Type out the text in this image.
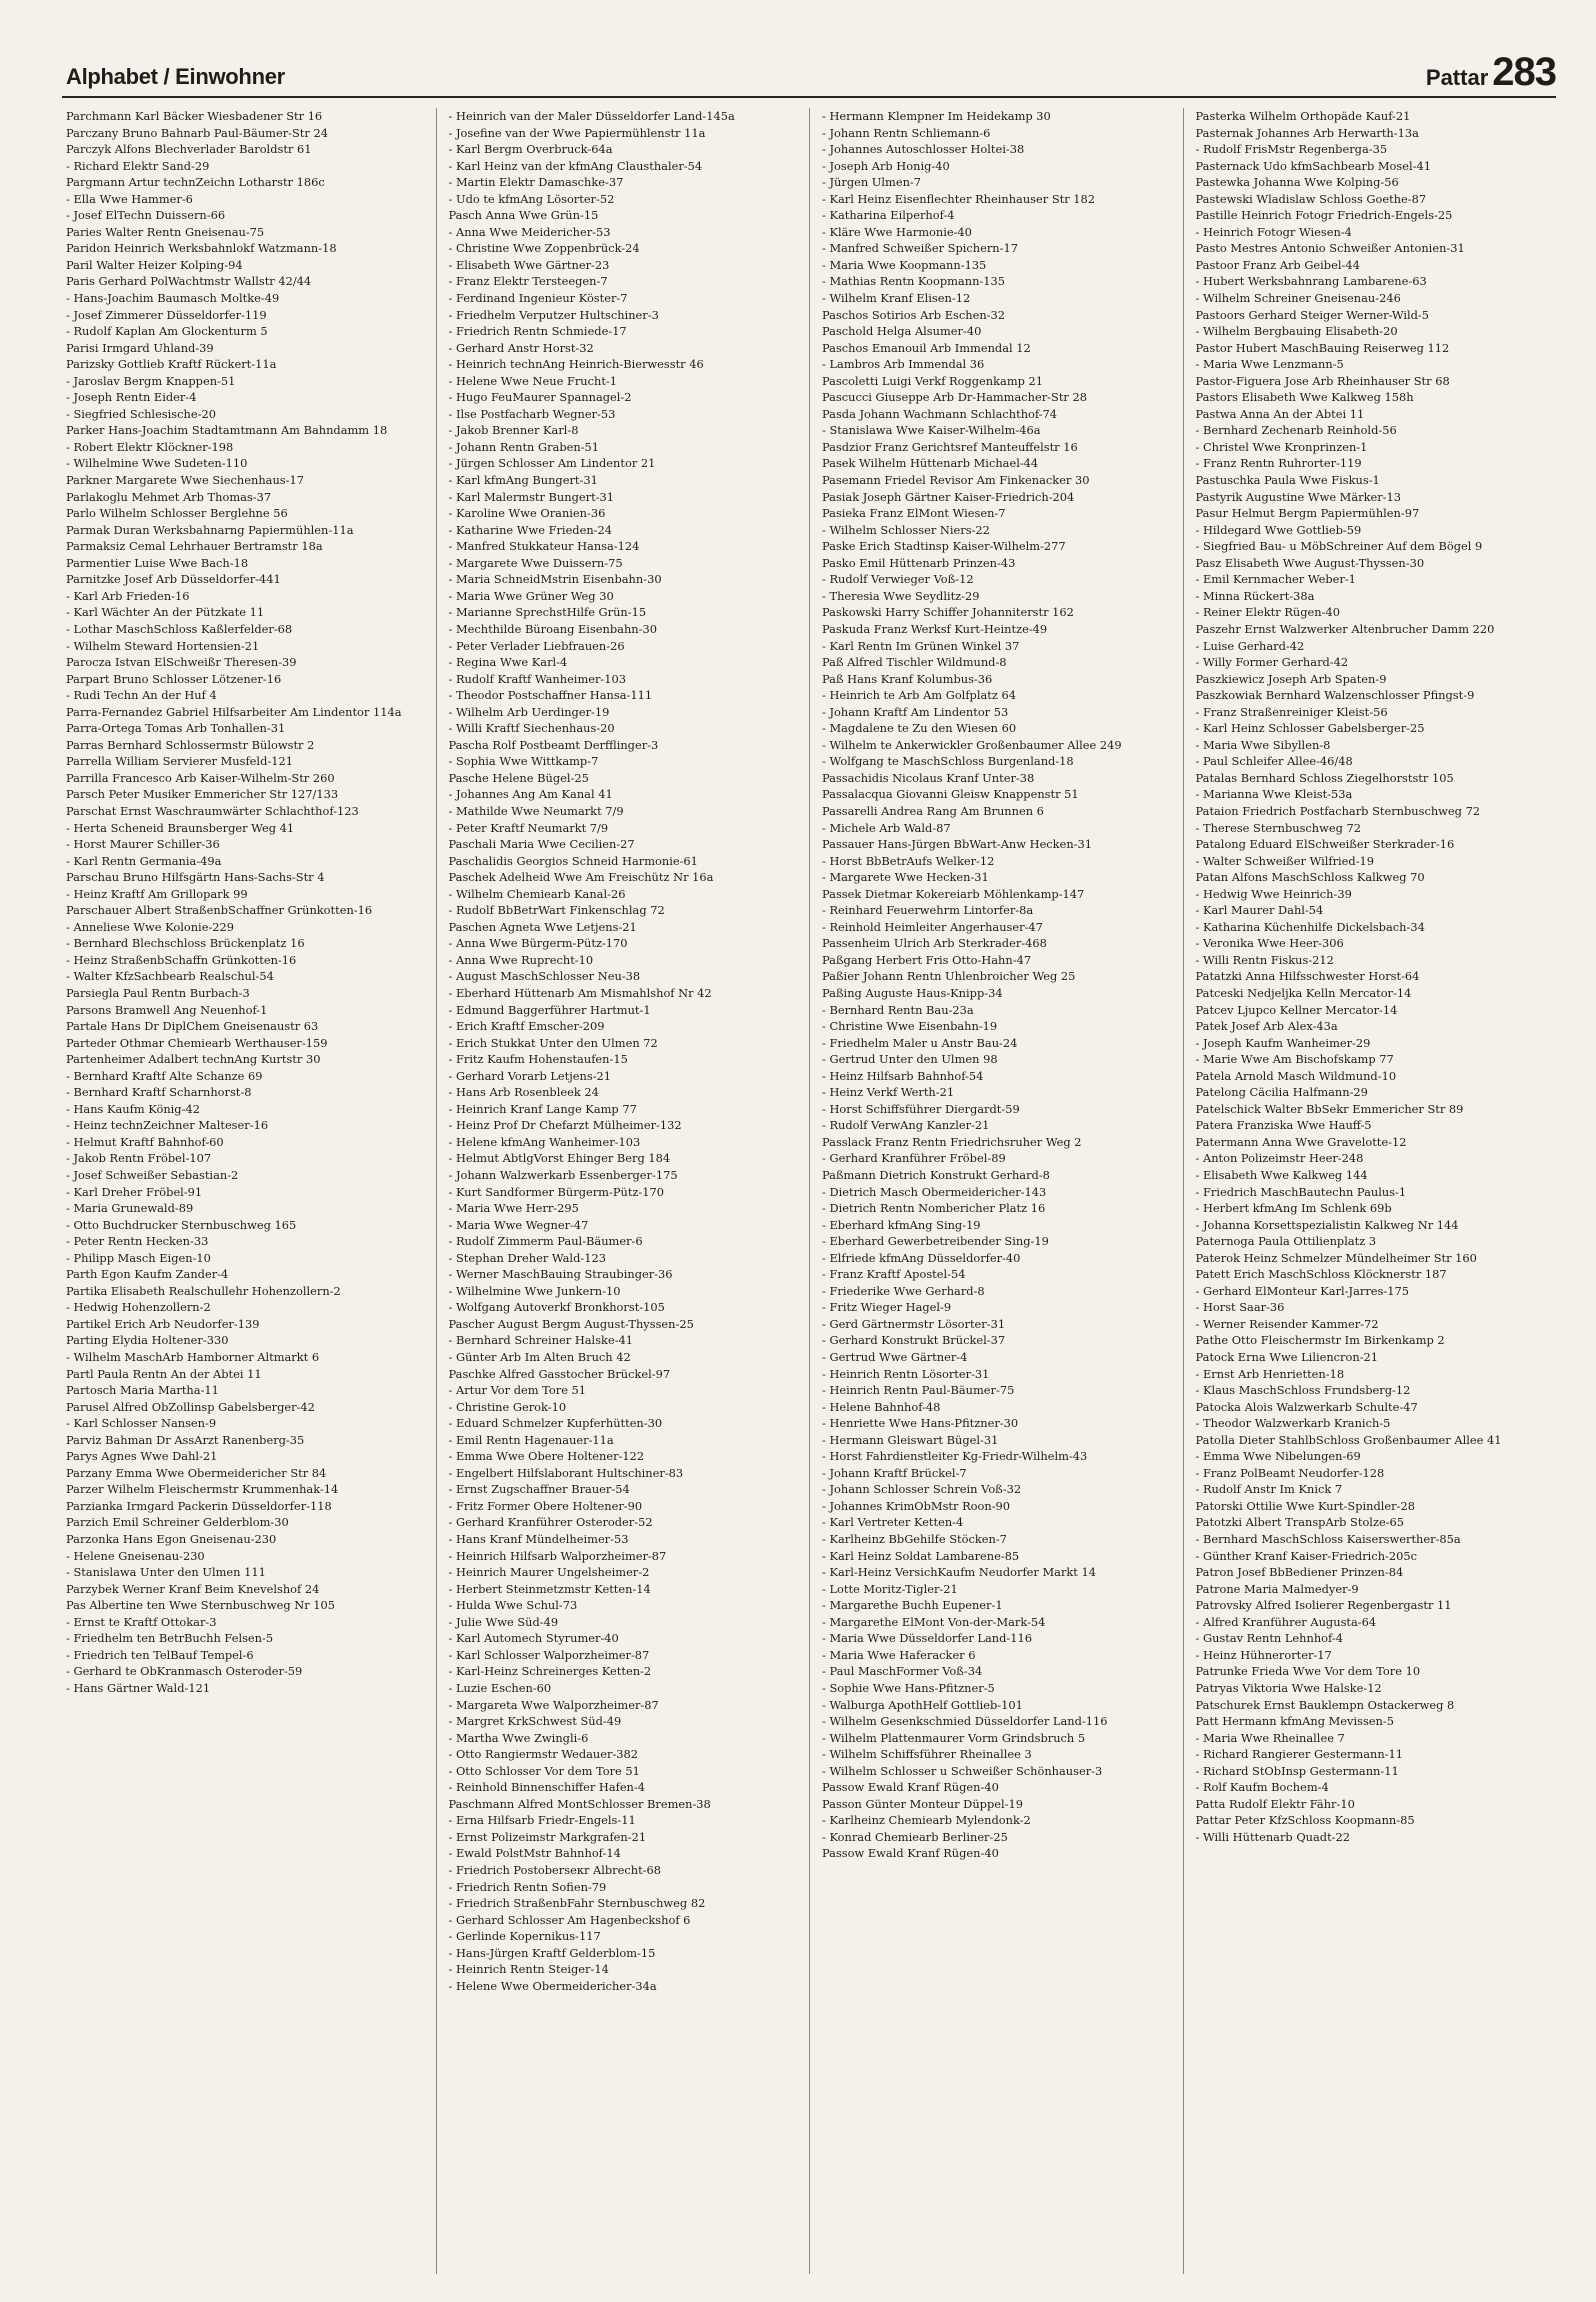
Alphabet / Einwohner	Pattar 283

Parchmann Karl Bäcker Wiesbadener Str 16

Parczany Bruno Bahnarb Paul-Bäumer-Str 24

Parczyk Alfons Blechverlader Baroldstr 61

- Richard Elektr Sand-29

Pargmann Artur technZeichn Lotharstr 186c

- Ella Wwe Hammer-6

- Josef ElTechn Duissern-66

Paries Walter Rentn Gneisenau-75

Paridon Heinrich Werksbahnlokf Watzmann-18

Paril Walter Heizer Kolping-94

Paris Gerhard PolWachtmstr Wallstr 42/44

- Hans-Joachim Baumasch Moltke-49

- Josef Zimmerer Düsseldorfer-119

- Rudolf Kaplan Am Glockenturm 5

Parisi Irmgard Uhland-39

Parizsky Gottlieb Kraftf Rückert-11a

- Jaroslav Bergm Knappen-51

- Joseph Rentn Eider-4

- Siegfried Schlesische-20

Parker Hans-Joachim Stadtamtmann Am Bahndamm 18

- Robert Elektr Klöckner-198

- Wilhelmine Wwe Sudeten-110

Parkner Margarete Wwe Siechenhaus-17

Parlakoglu Mehmet Arb Thomas-37

Parlo Wilhelm Schlosser Berglehne 56

Parmak Duran Werksbahnarng Papiermühlen-11a

Parmaksiz Cemal Lehrhauer Bertramstr 18a

Parmentier Luise Wwe Bach-18

Parnitzke Josef Arb Düsseldorfer-441

- Karl Arb Frieden-16

- Karl Wächter An der Pützkate 11

- Lothar MaschSchloss Kaßlerfelder-68

- Wilhelm Steward Hortensien-21

Parocza Istvan ElSchweißr Theresen-39

Parpart Bruno Schlosser Lötzener-16

- Rudi Techn An der Huf 4

Parra-Fernandez Gabriel Hilfsarbeiter Am Lindentor 114a

Parra-Ortega Tomas Arb Tonhallen-31

Parras Bernhard Schlossermstr Bülowstr 2

Parrella William Servierer Musfeld-121

Parrilla Francesco Arb Kaiser-Wilhelm-Str 260

Parsch Peter Musiker Emmericher Str 127/133

Parschat Ernst Waschraumwärter Schlachthof-123

- Herta Scheneid Braunsberger Weg 41

- Horst Maurer Schiller-36

- Karl Rentn Germania-49a

Parschau Bruno Hilfsgärtn Hans-Sachs-Str 4

- Heinz Kraftf Am Grillopark 99

Parschauer Albert StraßenbSchaffner Grünkotten-16

- Anneliese Wwe Kolonie-229

- Bernhard Blechschloss Brückenplatz 16

- Heinz StraßenbSchaffn Grünkotten-16

- Walter KfzSachbearb Realschul-54

Parsiegla Paul Rentn Burbach-3

Parsons Bramwell Ang Neuenhof-1

Partale Hans Dr DiplChem Gneisenaustr 63

Parteder Othmar Chemiearb Werthauser-159

Partenheimer Adalbert technAng Kurtstr 30

- Bernhard Kraftf Alte Schanze 69

- Bernhard Kraftf Scharnhorst-8

- Hans Kaufm König-42

- Heinz technZeichner Malteser-16

- Helmut Kraftf Bahnhof-60

- Jakob Rentn Fröbel-107

- Josef Schweißer Sebastian-2

- Karl Dreher Fröbel-91

- Maria Grunewald-89

- Otto Buchdrucker Sternbuschweg 165

- Peter Rentn Hecken-33

- Philipp Masch Eigen-10

Parth Egon Kaufm Zander-4

Partika Elisabeth Realschullehr Hohenzollern-2

- Hedwig Hohenzollern-2

Partikel Erich Arb Neudorfer-139

Parting Elydia Holtener-330

- Wilhelm MaschArb Hamborner Altmarkt 6

Partl Paula Rentn An der Abtei 11

Partosch Maria Martha-11

Parusel Alfred ObZollinsp Gabelsberger-42

- Karl Schlosser Nansen-9

Parviz Bahman Dr AssArzt Ranenberg-35

Parys Agnes Wwe Dahl-21

Parzany Emma Wwe Obermeidericher Str 84

Parzer Wilhelm Fleischermstr Krummenhak-14

Parzianka Irmgard Packerin Düsseldorfer-118

Parzich Emil Schreiner Gelderblom-30

Parzonka Hans Egon Gneisenau-230

- Helene Gneisenau-230

- Stanislawa Unter den Ulmen 111

Parzybek Werner Kranf Beim Knevelshof 24

Pas Albertine ten Wwe Sternbuschweg Nr 105

- Ernst te Kraftf Ottokar-3

- Friedhelm ten BetrBuchh Felsen-5

- Friedrich ten TelBauf Tempel-6

- Gerhard te ObKranmasch Osteroder-59

- Hans Gärtner Wald-121

- Heinrich van der Maler Düsseldorfer Land-145a

- Josefine van der Wwe Papiermühlenstr 11a

- Karl Bergm Overbruck-64a

- Karl Heinz van der kfmAng Clausthaler-54

- Martin Elektr Damaschke-37

- Udo te kfmAng Lösorter-52

Pasch Anna Wwe Grün-15

- Anna Wwe Meidericher-53

- Christine Wwe Zoppenbrück-24

- Elisabeth Wwe Gärtner-23

- Franz Elektr Tersteegen-7

- Ferdinand Ingenieur Köster-7

- Friedhelm Verputzer Hultschiner-3

- Friedrich Rentn Schmiede-17

- Gerhard Anstr Horst-32

- Heinrich technAng Heinrich-Bierwesstr 46

- Helene Wwe Neue Frucht-1

- Hugo FeuMaurer Spannagel-2

- Ilse Postfacharb Wegner-53

- Jakob Brenner Karl-8

- Johann Rentn Graben-51

- Jürgen Schlosser Am Lindentor 21

- Karl kfmAng Bungert-31

- Karl Malermstr Bungert-31

- Karoline Wwe Oranien-36

- Katharine Wwe Frieden-24

- Manfred Stukkateur Hansa-124

- Margarete Wwe Duissern-75

- Maria SchneidMstrin Eisenbahn-30

- Maria Wwe Grüner Weg 30

- Marianne SprechstHilfe Grün-15

- Mechthilde Büroang Eisenbahn-30

- Peter Verlader Liebfrauen-26

- Regina Wwe Karl-4

- Rudolf Kraftf Wanheimer-103

- Theodor Postschaffner Hansa-111

- Wilhelm Arb Uerdinger-19

- Willi Kraftf Siechenhaus-20

Pascha Rolf Postbeamt Derfflinger-3

- Sophia Wwe Wittkamp-7

Pasche Helene Bügel-25

- Johannes Ang Am Kanal 41

- Mathilde Wwe Neumarkt 7/9

- Peter Kraftf Neumarkt 7/9

Paschali Maria Wwe Cecilien-27

Paschalidis Georgios Schneid Harmonie-61

Paschek Adelheid Wwe Am Freischütz Nr 16a

- Wilhelm Chemiearb Kanal-26

- Rudolf BbBetrWart Finkenschlag 72

Paschen Agneta Wwe Letjens-21

- Anna Wwe Bürgerm-Pütz-170

- Anna Wwe Ruprecht-10

- August MaschSchlosser Neu-38

- Eberhard Hüttenarb Am Mismahlshof Nr 42

- Edmund Baggerführer Hartmut-1

- Erich Kraftf Emscher-209

- Erich Stukkat Unter den Ulmen 72

- Fritz Kaufm Hohenstaufen-15

- Gerhard Vorarb Letjens-21

- Hans Arb Rosenbleek 24

- Heinrich Kranf Lange Kamp 77

- Heinz Prof Dr Chefarzt Mülheimer-132

- Helene kfmAng Wanheimer-103

- Helmut AbtlgVorst Ehinger Berg 184

- Johann Walzwerkarb Essenberger-175

- Kurt Sandformer Bürgerm-Pütz-170

- Maria Wwe Herr-295

- Maria Wwe Wegner-47

- Rudolf Zimmerm Paul-Bäumer-6

- Stephan Dreher Wald-123

- Werner MaschBauing Straubinger-36

- Wilhelmine Wwe Junkern-10

- Wolfgang Autoverkf Bronkhorst-105

Pascher August Bergm August-Thyssen-25

- Bernhard Schreiner Halske-41

- Günter Arb Im Alten Bruch 42

Paschke Alfred Gasstocher Brückel-97

- Artur Vor dem Tore 51

- Christine Gerok-10

- Eduard Schmelzer Kupferhütten-30

- Emil Rentn Hagenauer-11a

- Emma Wwe Obere Holtener-122

- Engelbert Hilfslaborant Hultschiner-83

- Ernst Zugschaffner Brauer-54

- Fritz Former Obere Holtener-90

- Gerhard Kranführer Osteroder-52

- Hans Kranf Mündelheimer-53

- Heinrich Hilfsarb Walporzheimer-87

- Heinrich Maurer Ungelsheimer-2

- Herbert Steinmetzmstr Ketten-14

- Hulda Wwe Schul-73

- Julie Wwe Süd-49

- Karl Automech Styrumer-40

- Karl Schlosser Walporzheimer-87

- Karl-Heinz Schreinerges Ketten-2

- Luzie Eschen-60

- Margareta Wwe Walporzheimer-87

- Margret KrkSchwest Süd-49

- Martha Wwe Zwingli-6

- Otto Rangiermstr Wedauer-382

- Otto Schlosser Vor dem Tore 51

- Reinhold Binnenschiffer Hafen-4

Paschmann Alfred MontSchlosser Bremen-38

- Erna Hilfsarb Friedr-Engels-11

- Ernst Polizeimstr Markgrafen-21

- Ewald PolstMstr Bahnhof-14

- Friedrich Postoberseкr Albrecht-68

- Friedrich Rentn Sofien-79

- Friedrich StraßenbFahr Sternbuschweg 82

- Gerhard Schlosser Am Hagenbeckshof 6

- Gerlinde Kopernikus-117

- Hans-Jürgen Kraftf Gelderblom-15

- Heinrich Rentn Steiger-14

- Helene Wwe Obermeidericher-34a

- Hermann Klempner Im Heidekamp 30

- Johann Rentn Schliemann-6

- Johannes Autoschlosser Holtei-38

- Joseph Arb Honig-40

- Jürgen Ulmen-7

- Karl Heinz Eisenflechter Rheinhauser Str 182

- Katharina Eilperhof-4

- Kläre Wwe Harmonie-40

- Manfred Schweißer Spichern-17

- Maria Wwe Koopmann-135

- Mathias Rentn Koopmann-135

- Wilhelm Kranf Elisen-12

Paschos Sotirios Arb Eschen-32

Paschold Helga Alsumer-40

Paschos Emanouil Arb Immendal 12

- Lambros Arb Immendal 36

Pascoletti Luigi Verkf Roggenkamp 21

Pascucci Giuseppe Arb Dr-Hammacher-Str 28

Pasda Johann Wachmann Schlachthof-74

- Stanislawa Wwe Kaiser-Wilhelm-46a

Pasdzior Franz Gerichtsref Manteuffelstr 16

Pasek Wilhelm Hüttenarb Michael-44

Pasemann Friedel Revisor Am Finkenacker 30

Pasiak Joseph Gärtner Kaiser-Friedrich-204

Pasieka Franz ElMont Wiesen-7

- Wilhelm Schlosser Niers-22

Paske Erich Stadtinsp Kaiser-Wilhelm-277

Pasko Emil Hüttenarb Prinzen-43

- Rudolf Verwieger Voß-12

- Theresia Wwe Seydlitz-29

Paskowski Harry Schiffer Johanniterstr 162

Paskuda Franz Werksf Kurt-Heintze-49

- Karl Rentn Im Grünen Winkel 37

Paß Alfred Tischler Wildmund-8

Paß Hans Kranf Kolumbus-36

- Heinrich te Arb Am Golfplatz 64

- Johann Kraftf Am Lindentor 53

- Magdalene te Zu den Wiesen 60

- Wilhelm te Ankerwickler Großenbaumer Allee 249

- Wolfgang te MaschSchloss Burgenland-18

Passachidis Nicolaus Kranf Unter-38

Passalacqua Giovanni Gleisw Knappenstr 51

Passarelli Andrea Rang Am Brunnen 6

- Michele Arb Wald-87

Passauer Hans-Jürgen BbWart-Anw Hecken-31

- Horst BbBetrAufs Welker-12

- Margarete Wwe Hecken-31

Passek Dietmar Kokereiarb Möhlenkamp-147

- Reinhard Feuerwehrm Lintorfer-8a

- Reinhold Heimleiter Angerhauser-47

Passenheim Ulrich Arb Sterkrader-468

Paßgang Herbert Fris Otto-Hahn-47

Paßier Johann Rentn Uhlenbroicher Weg 25

Paßing Auguste Haus-Knipp-34

- Bernhard Rentn Bau-23a

- Christine Wwe Eisenbahn-19

- Friedhelm Maler u Anstr Bau-24

- Gertrud Unter den Ulmen 98

- Heinz Hilfsarb Bahnhof-54

- Heinz Verkf Werth-21

- Horst Schiffsführer Diergardt-59

- Rudolf VerwAng Kanzler-21

Passlack Franz Rentn Friedrichsruher Weg 2

- Gerhard Kranführer Fröbel-89

Paßmann Dietrich Konstrukt Gerhard-8

- Dietrich Masch Obermeidericher-143

- Dietrich Rentn Nombericher Platz 16

- Eberhard kfmAng Sing-19

- Eberhard Gewerbetreibender Sing-19

- Elfriede kfmAng Düsseldorfer-40

- Franz Kraftf Apostel-54

- Friederike Wwe Gerhard-8

- Fritz Wieger Hagel-9

- Gerd Gärtnermstr Lösorter-31

- Gerhard Konstrukt Brückel-37

- Gertrud Wwe Gärtner-4

- Heinrich Rentn Lösorter-31

- Heinrich Rentn Paul-Bäumer-75

- Helene Bahnhof-48

- Henriette Wwe Hans-Pfitzner-30

- Hermann Gleiswart Bügel-31

- Horst Fahrdienstleiter Kg-Friedr-Wilhelm-43

- Johann Kraftf Brückel-7

- Johann Schlosser Schrein Voß-32

- Johannes KrimObMstr Roon-90

- Karl Vertreter Ketten-4

- Karlheinz BbGehilfe Stöcken-7

- Karl Heinz Soldat Lambarene-85

- Karl-Heinz VersichKaufm Neudorfer Markt 14

- Lotte Moritz-Tigler-21

- Margarethe Buchh Eupener-1

- Margarethe ElMont Von-der-Mark-54

- Maria Wwe Düsseldorfer Land-116

- Maria Wwe Haferacker 6

- Paul MaschFormer Voß-34

- Sophie Wwe Hans-Pfitzner-5

- Walburga ApothHelf Gottlieb-101

- Wilhelm Gesenkschmied Düsseldorfer Land-116

- Wilhelm Plattenmaurer Vorm Grindsbruch 5

- Wilhelm Schiffsführer Rheinallee 3

- Wilhelm Schlosser u Schweißer Schönhauser-3

Passow Ewald Kranf Rügen-40

Passon Günter Monteur Düppel-19

- Karlheinz Chemiearb Mylendonk-2

- Konrad Chemiearb Berliner-25

Passow Ewald Kranf Rügen-40

Pasterka Wilhelm Orthopäde Kauf-21

Pasternak Johannes Arb Herwarth-13a

- Rudolf FrisMstr Regenberga-35

Pasternack Udo kfmSachbearb Mosel-41

Pastewka Johanna Wwe Kolping-56

Pastewski Wladislaw Schloss Goethe-87

Pastille Heinrich Fotogr Friedrich-Engels-25

- Heinrich Fotogr Wiesen-4

Pasto Mestres Antonio Schweißer Antonien-31

Pastoor Franz Arb Geibel-44

- Hubert Werksbahnrang Lambarene-63

- Wilhelm Schreiner Gneisenau-246

Pastoors Gerhard Steiger Werner-Wild-5

- Wilhelm Bergbauing Elisabeth-20

Pastor Hubert MaschBauing Reiserweg 112

- Maria Wwe Lenzmann-5

Pastor-Figuera Jose Arb Rheinhauser Str 68

Pastors Elisabeth Wwe Kalkweg 158h

Pastwa Anna An der Abtei 11

- Bernhard Zechenarb Reinhold-56

- Christel Wwe Kronprinzen-1

- Franz Rentn Ruhrorter-119

Pastuschka Paula Wwe Fiskus-1

Pastyrik Augustine Wwe Märker-13

Pasur Helmut Bergm Papiermühlen-97

- Hildegard Wwe Gottlieb-59

- Siegfried Bau- u MöbSchreiner Auf dem Bögel 9

Pasz Elisabeth Wwe August-Thyssen-30

- Emil Kernmacher Weber-1

- Minna Rückert-38a

- Reiner Elektr Rügen-40

Paszehr Ernst Walzwerker Altenbrucher Damm 220

- Luise Gerhard-42

- Willy Former Gerhard-42

Paszkiewicz Joseph Arb Spaten-9

Paszkowiak Bernhard Walzenschlosser Pfingst-9

- Franz Straßenreiniger Kleist-56

- Karl Heinz Schlosser Gabelsberger-25

- Maria Wwe Sibyllen-8

- Paul Schleifer Allee-46/48

Patalas Bernhard Schloss Ziegelhorststr 105

- Marianna Wwe Kleist-53a

Pataion Friedrich Postfacharb Sternbuschweg 72

- Therese Sternbuschweg 72

Patalong Eduard ElSchweißer Sterkrader-16

- Walter Schweißer Wilfried-19

Patan Alfons MaschSchloss Kalkweg 70

- Hedwig Wwe Heinrich-39

- Karl Maurer Dahl-54

- Katharina Küchenhilfe Dickelsbach-34

- Veronika Wwe Heer-306

- Willi Rentn Fiskus-212

Patatzki Anna Hilfsschwester Horst-64

Patceski Nedjeljka Kelln Mercator-14

Patcev Ljupco Kellner Mercator-14

Patek Josef Arb Alex-43a

- Joseph Kaufm Wanheimer-29

- Marie Wwe Am Bischofskamp 77

Patela Arnold Masch Wildmund-10

Patelong Cäcilia Halfmann-29

Patelschick Walter BbSekr Emmericher Str 89

Patera Franziska Wwe Hauff-5

Patermann Anna Wwe Gravelotte-12

- Anton Polizeimstr Heer-248

- Elisabeth Wwe Kalkweg 144

- Friedrich MaschBautechn Paulus-1

- Herbert kfmAng Im Schlenk 69b

- Johanna Korsettspezialistin Kalkweg Nr 144

Paternoga Paula Ottilienplatz 3

Paterok Heinz Schmelzer Mündelheimer Str 160

Patett Erich MaschSchloss Klöcknerstr 187

- Gerhard ElMonteur Karl-Jarres-175

- Horst Saar-36

- Werner Reisender Kammer-72

Pathe Otto Fleischermstr Im Birkenkamp 2

Patock Erna Wwe Liliencron-21

- Ernst Arb Henrietten-18

- Klaus MaschSchloss Frundsberg-12

Patocka Alois Walzwerkarb Schulte-47

- Theodor Walzwerkarb Kranich-5

Patolla Dieter StahlbSchloss Großenbaumer Allee 41

- Emma Wwe Nibelungen-69

- Franz PolBeamt Neudorfer-128

- Rudolf Anstr Im Knick 7

Patorski Ottilie Wwe Kurt-Spindler-28

Patotzki Albert TranspArb Stolze-65

- Bernhard MaschSchloss Kaiserswerther-85a

- Günther Kranf Kaiser-Friedrich-205c

Patron Josef BbBediener Prinzen-84

Patrone Maria Malmedyer-9

Patrovsky Alfred Isolierer Regenbergastr 11

- Alfred Kranführer Augusta-64

- Gustav Rentn Lehnhof-4

- Heinz Hühnerorter-17

Patrunke Frieda Wwe Vor dem Tore 10

Patryas Viktoria Wwe Halske-12

Patschurek Ernst Bauklempn Ostackerweg 8

Patt Hermann kfmAng Mevissen-5

- Maria Wwe Rheinallee 7

- Richard Rangierer Gestermann-11

- Richard StObInsp Gestermann-11

- Rolf Kaufm Bochem-4

Patta Rudolf Elektr Fähr-10

Pattar Peter KfzSchloss Koopmann-85

- Willi Hüttenarb Quadt-22
